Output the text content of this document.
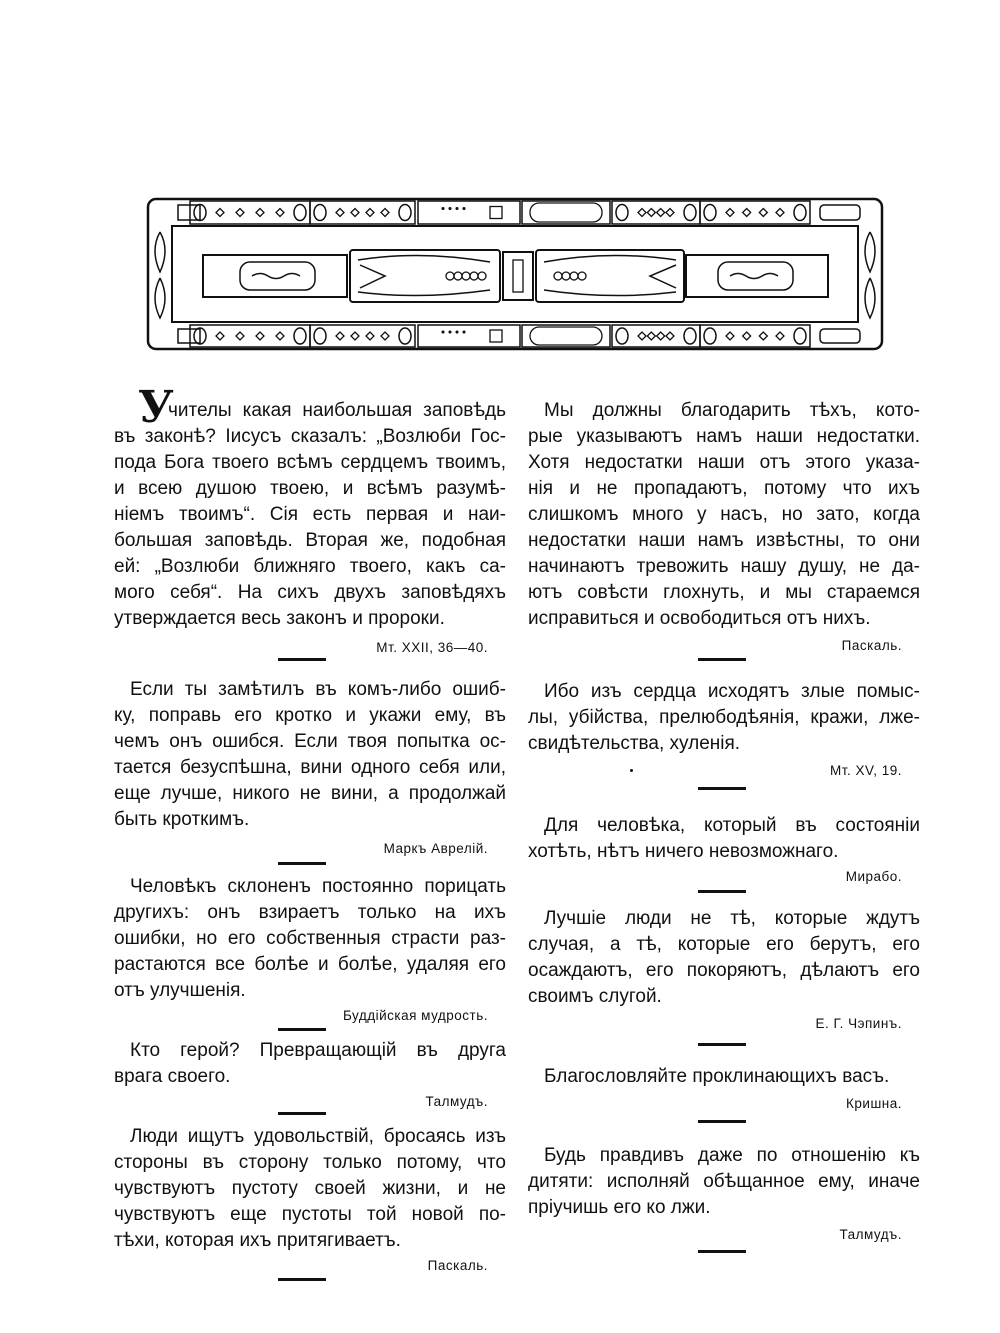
У
чителы какая наибольшая заповѣдь
въ законѣ? Іисусъ сказалъ: „Возлюби Гос-
пода Бога твоего всѣмъ сердцемъ твоимъ,
и всею душою твоею, и всѣмъ разумѣ-
ніемъ твоимъ“. Сія есть первая и наи-
большая заповѣдь. Вторая же, подобная
ей: „Возлюби ближняго твоего, какъ са-
мого себя“. На сихъ двухъ заповѣдяхъ
утверждается весь законъ и пророки.
Мт. XXII, 36—40.
Если ты замѣтилъ въ комъ-либо ошиб-
ку, поправь его кротко и укажи ему, въ
чемъ онъ ошибся. Если твоя попытка ос-
тается безуспѣшна, вини одного себя или,
еще лучше, никого не вини, а продолжай
быть кроткимъ.
Маркъ Аврелій.
Человѣкъ склоненъ постоянно порицать
другихъ: онъ взираетъ только на ихъ
ошибки, но его собственныя страсти раз-
растаются все болѣе и болѣе, удаляя его
отъ улучшенія.
Буддійская мудрость.
Кто герой? Превращающій въ друга
врага своего.
Талмудъ.
Люди ищутъ удовольствій, бросаясь изъ
стороны въ сторону только потому, что
чувствуютъ пустоту своей жизни, и не
чувствуютъ еще пустоты той новой по-
тѣхи, которая ихъ притягиваетъ.
Паскаль.
Мы должны благодарить тѣхъ, кото-
рые указываютъ намъ наши недостатки.
Хотя недостатки наши отъ этого указа-
нія и не пропадаютъ, потому что ихъ
слишкомъ много у насъ, но зато, когда
недостатки наши намъ извѣстны, то они
начинаютъ тревожить нашу душу, не да-
ютъ совѣсти глохнуть, и мы стараемся
исправиться и освободиться отъ нихъ.
Паскаль.
Ибо изъ сердца исходятъ злые помыс-
лы, убійства, прелюбодѣянія, кражи, лже-
свидѣтельства, хуленія.
Мт. XV, 19.
Для человѣка, который въ состояніи
хотѣть, нѣтъ ничего невозможнаго.
Мирабо.
Лучшіе люди не тѣ, которые ждутъ
случая, а тѣ, которые его берутъ, его
осаждаютъ, его покоряютъ, дѣлаютъ его
своимъ слугой.
Е. Г. Чэпинъ.
Благословляйте проклинающихъ васъ.
Кришна.
Будь правдивъ даже по отношенію къ
дитяти: исполняй обѣщанное ему, иначе
пріучишь его ко лжи.
Талмудъ.
